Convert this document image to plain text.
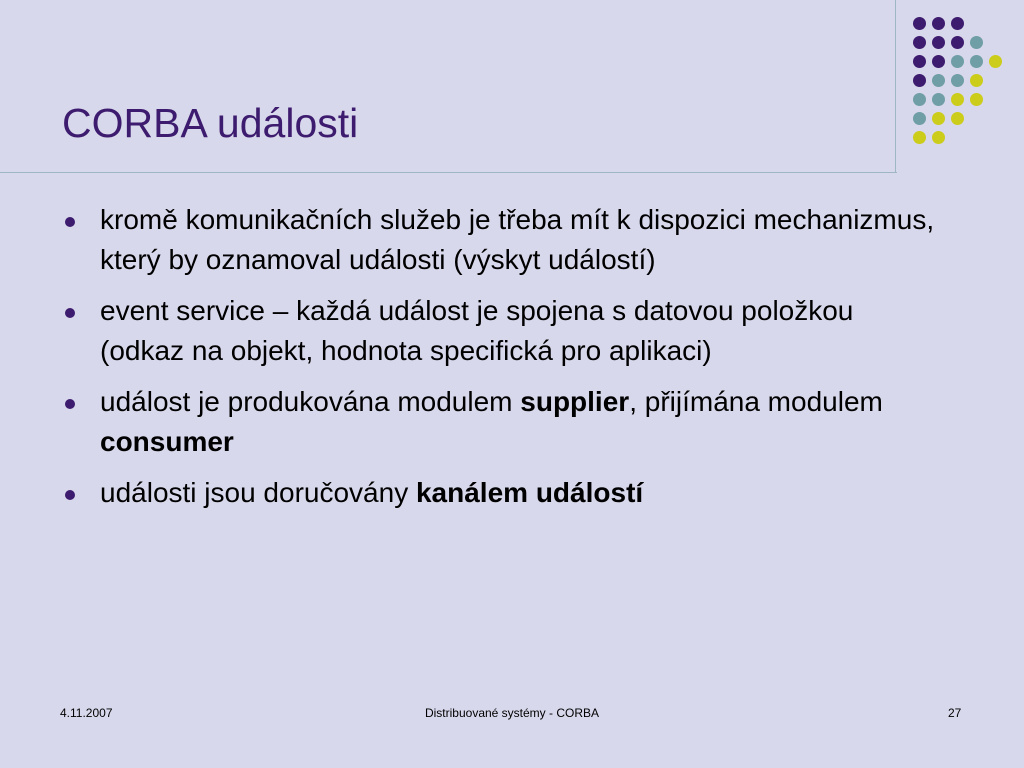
CORBA události
kromě komunikačních služeb je třeba mít k dispozici mechanizmus, který by oznamoval události (výskyt událostí)
event service – každá událost je spojena s datovou položkou (odkaz na objekt, hodnota specifická pro aplikaci)
událost je produkována modulem supplier, přijímána modulem consumer
události jsou doručovány kanálem událostí
4.11.2007	Distribuované systémy - CORBA	27
